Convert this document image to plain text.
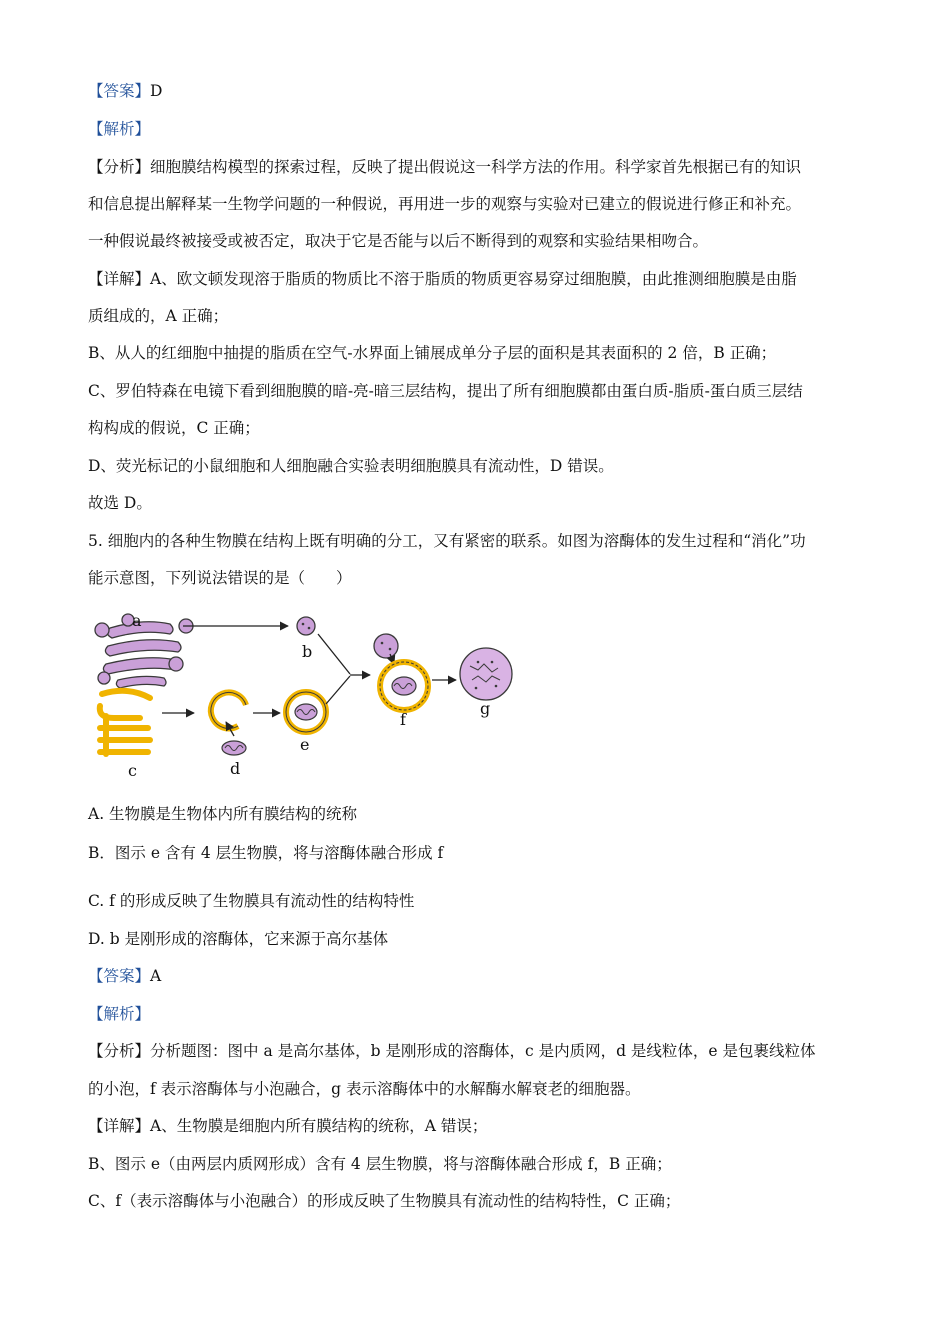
【答案】D
【解析】
【分析】细胞膜结构模型的探索过程，反映了提出假说这一科学方法的作用。科学家首先根据已有的知识
和信息提出解释某一生物学问题的一种假说，再用进一步的观察与实验对已建立的假说进行修正和补充。
一种假说最终被接受或被否定，取决于它是否能与以后不断得到的观察和实验结果相吻合。
【详解】A、欧文顿发现溶于脂质的物质比不溶于脂质的物质更容易穿过细胞膜，由此推测细胞膜是由脂
质组成的，A 正确；
B、从人的红细胞中抽提的脂质在空气-水界面上铺展成单分子层的面积是其表面积的 2 倍，B 正确；
C、罗伯特森在电镜下看到细胞膜的暗-亮-暗三层结构，提出了所有细胞膜都由蛋白质-脂质-蛋白质三层结
构构成的假说，C 正确；
D、荧光标记的小鼠细胞和人细胞融合实验表明细胞膜具有流动性，D 错误。
故选 D。
5. 细胞内的各种生物膜在结构上既有明确的分工，又有紧密的联系。如图为溶酶体的发生过程和“消化”功
能示意图，下列说法错误的是（　　）
a
b
c	d
e
f
g
A. 生物膜是生物体内所有膜结构的统称
B．图示 e 含有 4 层生物膜，将与溶酶体融合形成 f
C. f 的形成反映了生物膜具有流动性的结构特性
D. b 是刚形成的溶酶体，它来源于高尔基体
【答案】A
【解析】
【分析】分析题图：图中 a 是高尔基体，b 是刚形成的溶酶体，c 是内质网，d 是线粒体，e 是包裹线粒体
的小泡，f 表示溶酶体与小泡融合，g 表示溶酶体中的水解酶水解衰老的细胞器。
【详解】A、生物膜是细胞内所有膜结构的统称，A 错误；
B、图示 e（由两层内质网形成）含有 4 层生物膜，将与溶酶体融合形成 f，B 正确；
C、f（表示溶酶体与小泡融合）的形成反映了生物膜具有流动性的结构特性，C 正确；
